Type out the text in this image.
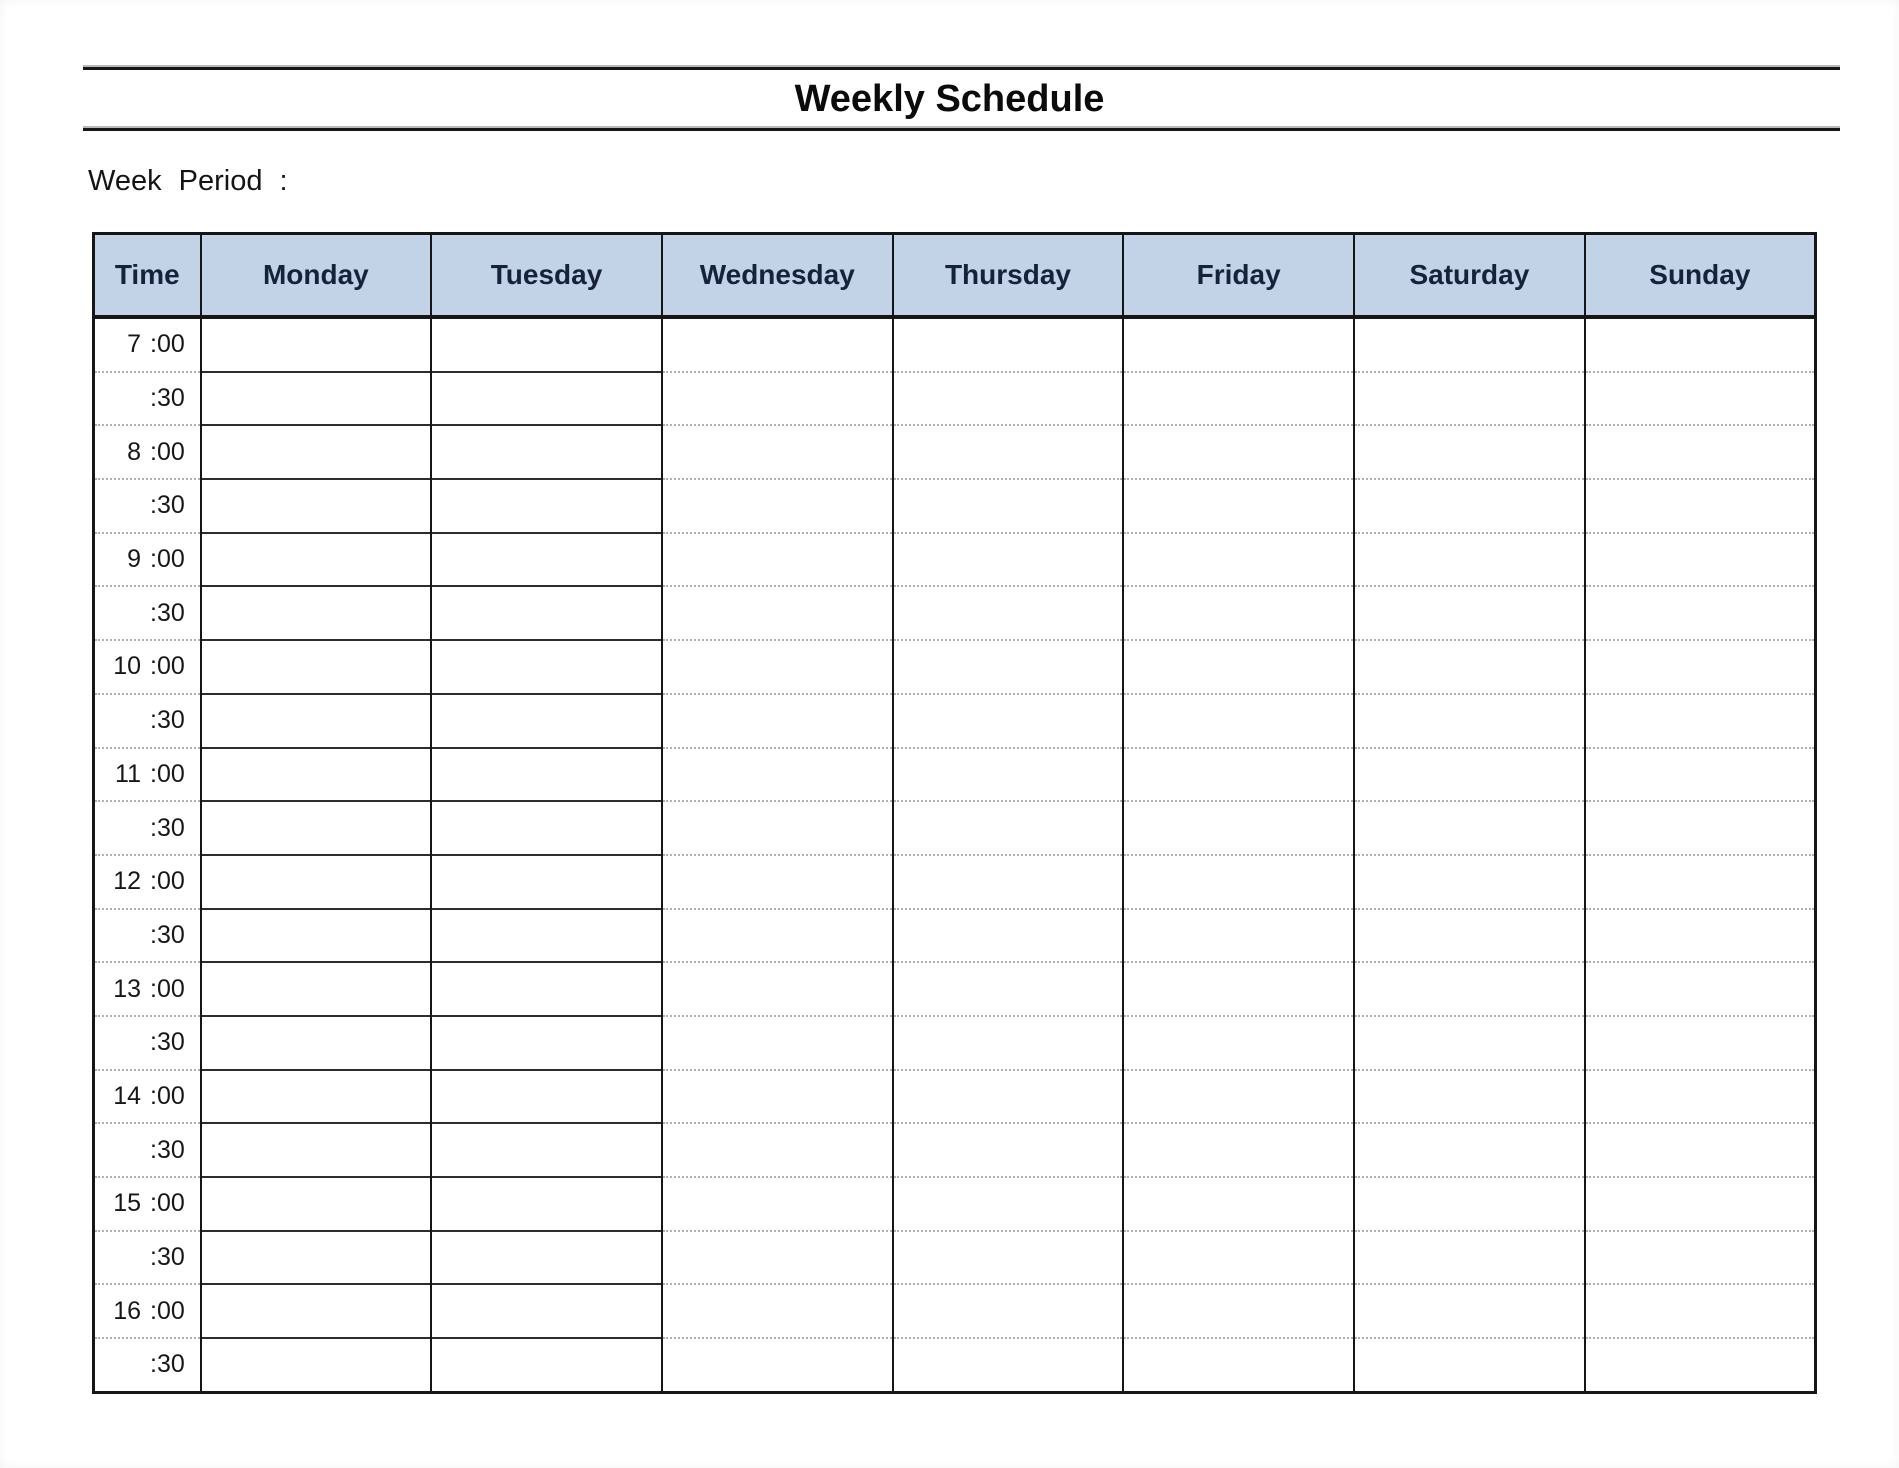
Weekly Schedule
Week Period :
Time	Monday	Tuesday	Wednesday	Thursday	Friday	Saturday	Sunday
7 :00							
:30							
8 :00							
:30							
9 :00							
:30							
10 :00							
:30							
11 :00							
:30							
12 :00							
:30							
13 :00							
:30							
14 :00							
:30							
15 :00							
:30							
16 :00							
:30							
